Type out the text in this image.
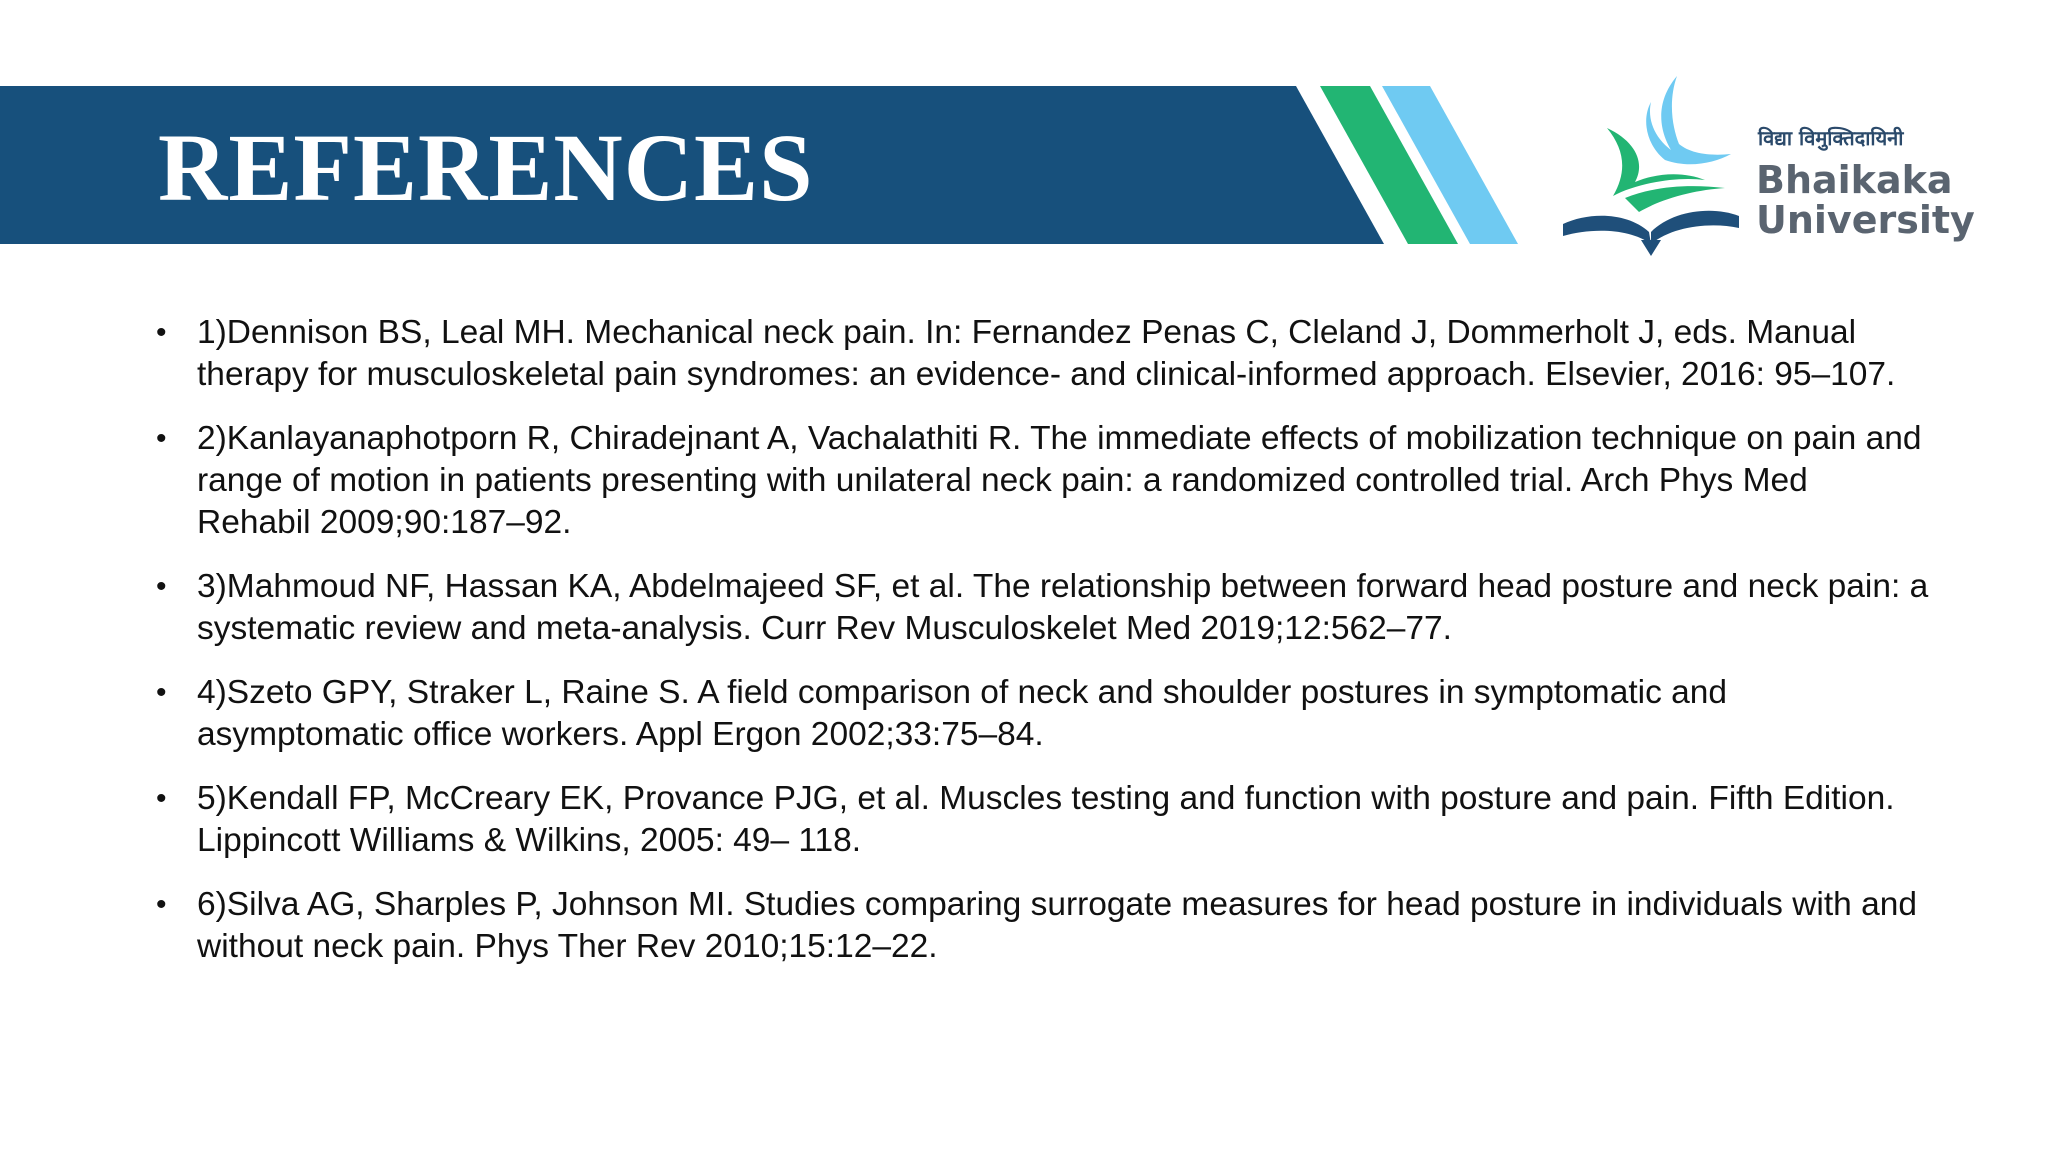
REFERENCES	विद्या विमुक्तिदायिनी
Bhaikaka
University
• 1)Dennison BS, Leal MH. Mechanical neck pain. In: Fernandez Penas C, Cleland J, Dommerholt J, eds. Manual therapy for musculoskeletal pain syndromes: an evidence- and clinical-informed approach. Elsevier, 2016: 95–107.
• 2)Kanlayanaphotporn R, Chiradejnant A, Vachalathiti R. The immediate effects of mobilization technique on pain and range of motion in patients presenting with unilateral neck pain: a randomized controlled trial. Arch Phys Med Rehabil 2009;90:187–92.
• 3)Mahmoud NF, Hassan KA, Abdelmajeed SF, et al. The relationship between forward head posture and neck pain: a systematic review and meta-analysis. Curr Rev Musculoskelet Med 2019;12:562–77.
• 4)Szeto GPY, Straker L, Raine S. A field comparison of neck and shoulder postures in symptomatic and asymptomatic office workers. Appl Ergon 2002;33:75–84.
• 5)Kendall FP, McCreary EK, Provance PJG, et al. Muscles testing and function with posture and pain. Fifth Edition. Lippincott Williams & Wilkins, 2005: 49– 118.
• 6)Silva AG, Sharples P, Johnson MI. Studies comparing surrogate measures for head posture in individuals with and without neck pain. Phys Ther Rev 2010;15:12–22.
